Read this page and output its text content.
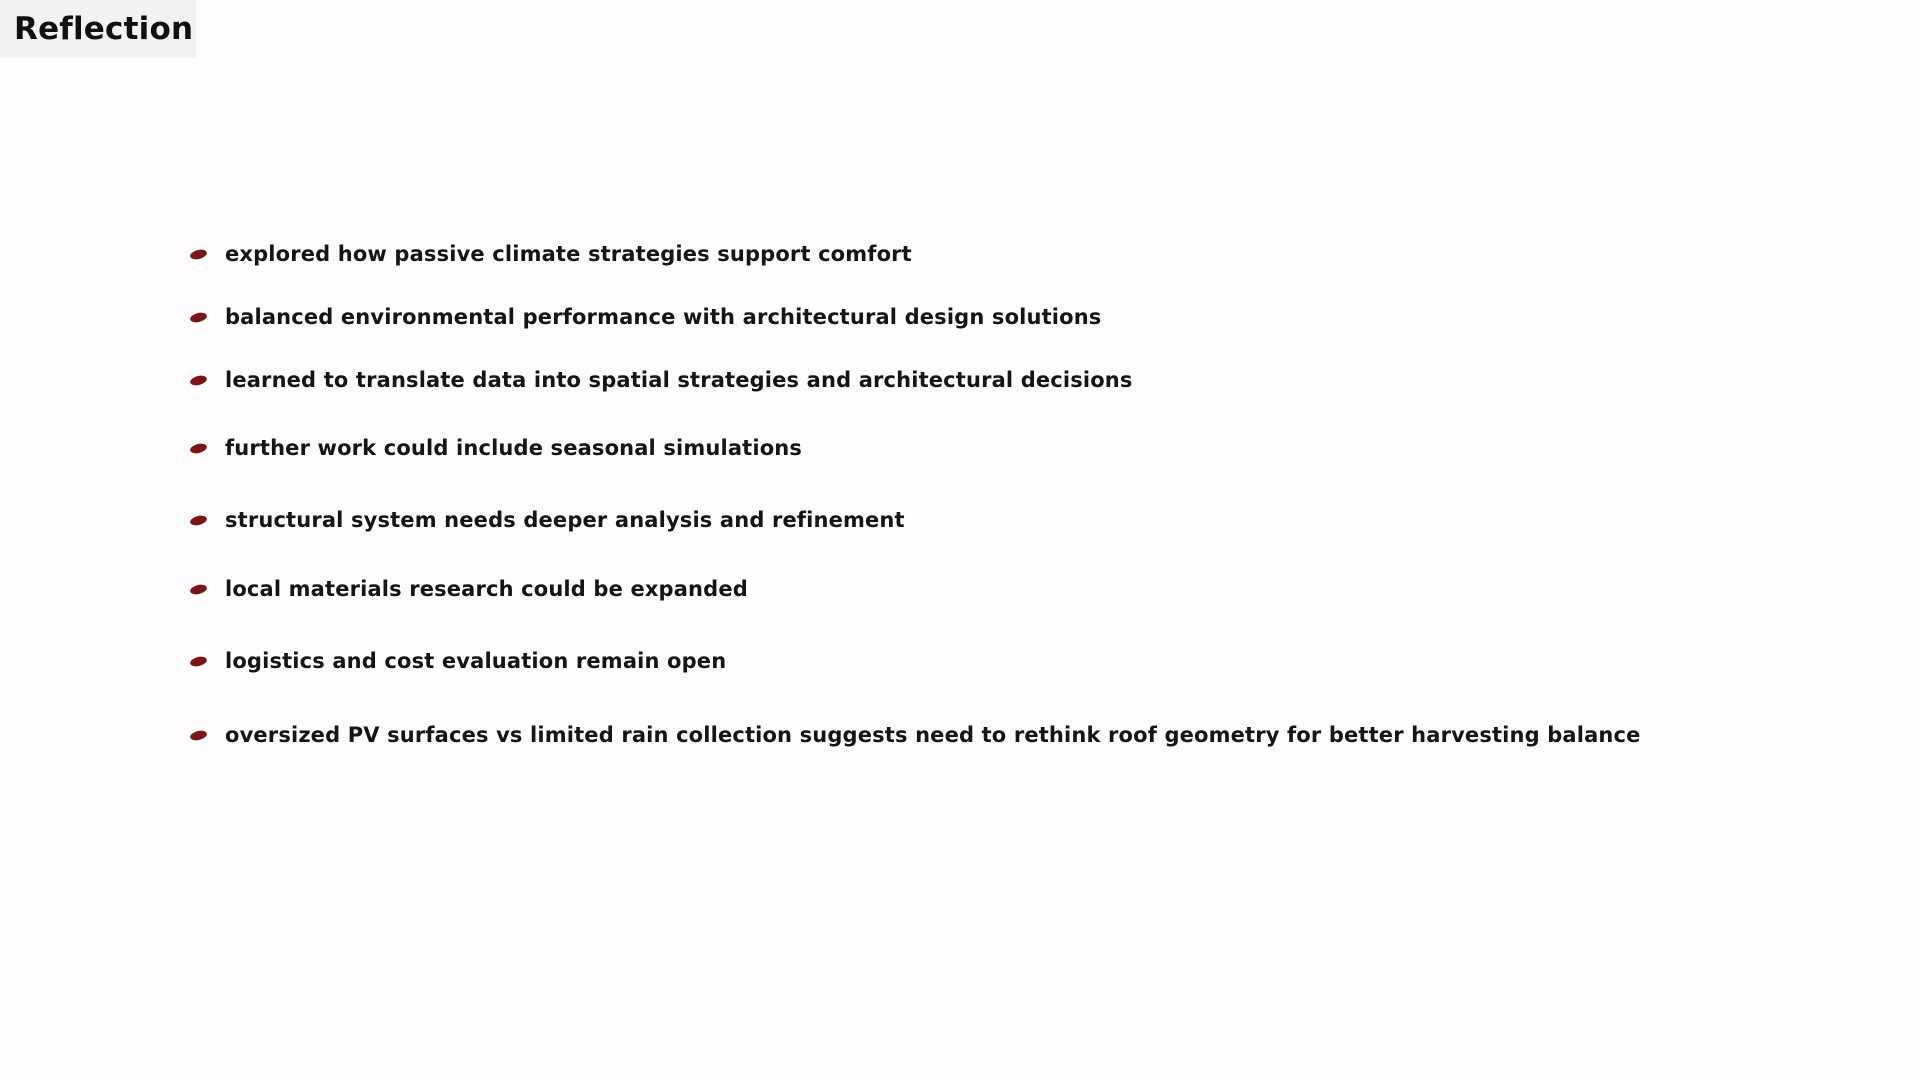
Reflection
explored how passive climate strategies support comfort
balanced environmental performance with architectural design solutions
learned to translate data into spatial strategies and architectural decisions
further work could include seasonal simulations
structural system needs deeper analysis and refinement
local materials research could be expanded
logistics and cost evaluation remain open
oversized PV surfaces vs limited rain collection suggests need to rethink roof geometry for better harvesting balance
